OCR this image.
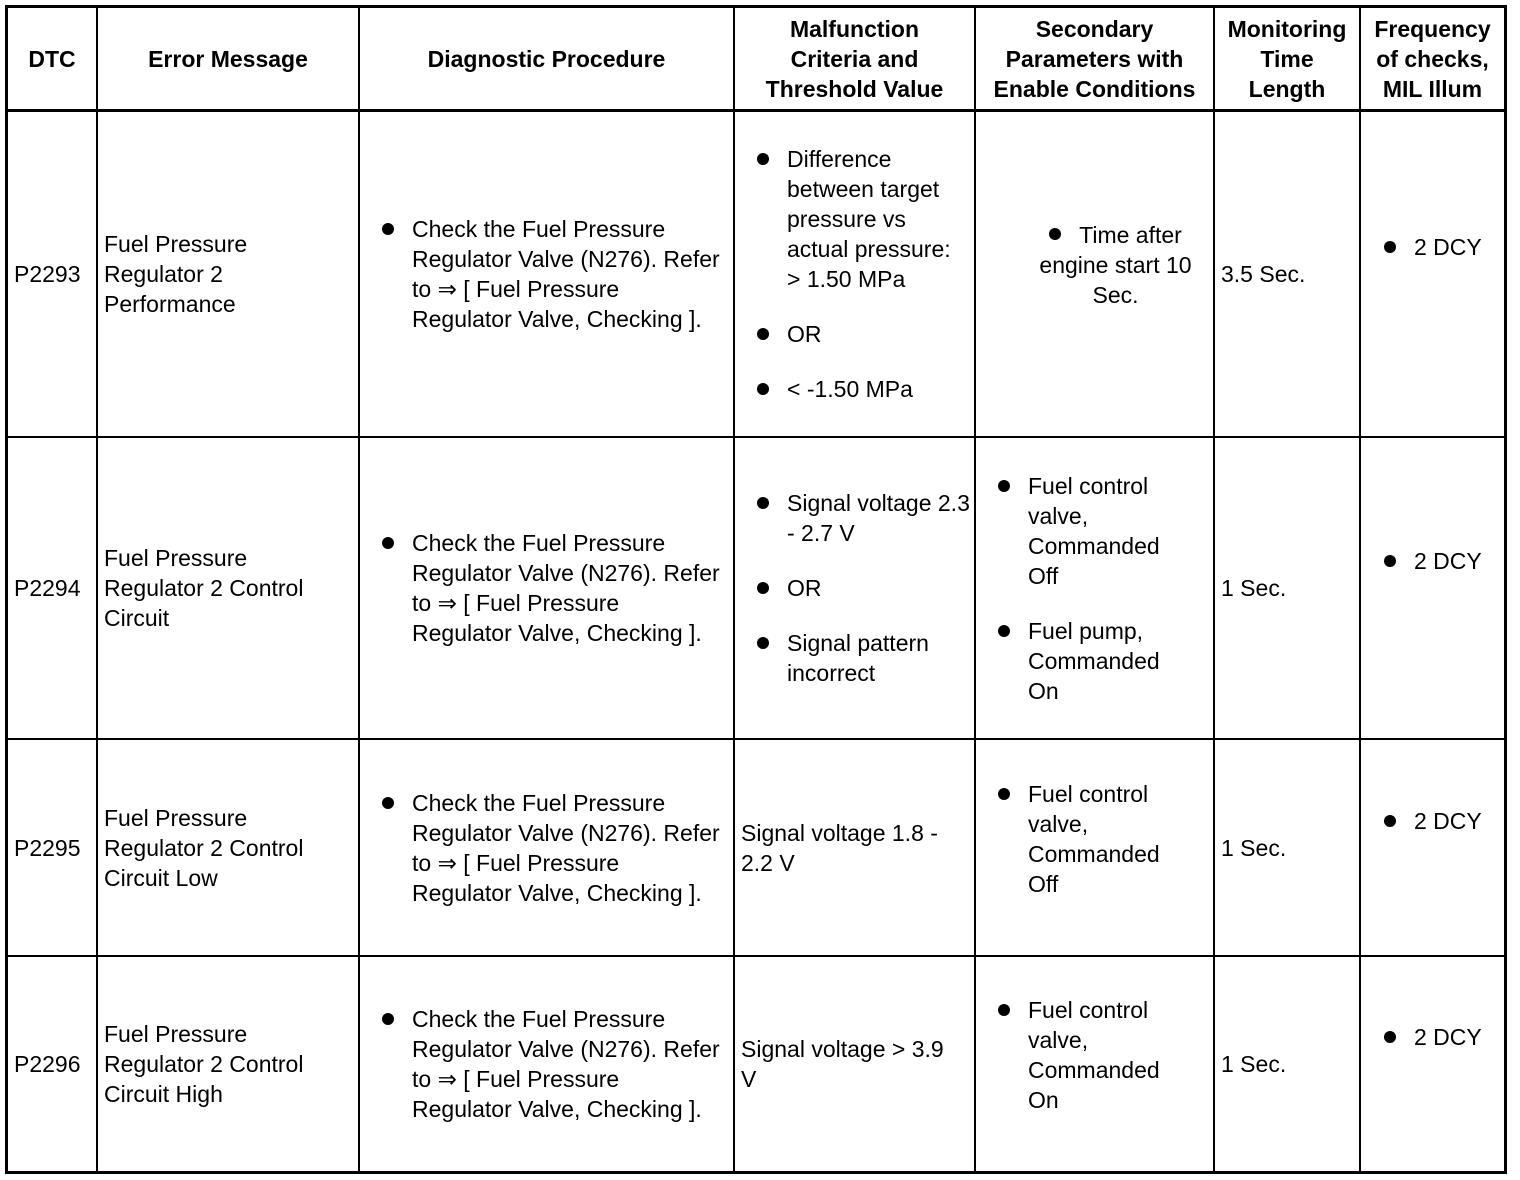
DTC	Error Message	Diagnostic Procedure
Malfunction Criteria and Threshold Value
Secondary Parameters with Enable Conditions
Monitoring Time Length
Frequency of checks, MIL Illum
P2293
Fuel Pressure Regulator 2 Performance
Check the Fuel Pressure Regulator Valve (N276). Refer to ⇒ [ Fuel Pressure Regulator Valve, Checking ].
Difference between target pressure vs actual pressure: > 1.50 MPa
OR
< -1.50 MPa
Time after engine start 10 Sec.
3.5 Sec.
2 DCY
P2294
Fuel Pressure Regulator 2 Control Circuit
Check the Fuel Pressure Regulator Valve (N276). Refer to ⇒ [ Fuel Pressure Regulator Valve, Checking ].
Signal voltage 2.3 - 2.7 V
OR
Signal pattern incorrect
Fuel control valve, Commanded Off
Fuel pump, Commanded On
1 Sec.
2 DCY
P2295
Fuel Pressure Regulator 2 Control Circuit Low
Check the Fuel Pressure Regulator Valve (N276). Refer to ⇒ [ Fuel Pressure Regulator Valve, Checking ].
Signal voltage 1.8 - 2.2 V
Fuel control valve, Commanded Off
1 Sec.
2 DCY
P2296
Fuel Pressure Regulator 2 Control Circuit High
Check the Fuel Pressure Regulator Valve (N276). Refer to ⇒ [ Fuel Pressure Regulator Valve, Checking ].
Signal voltage > 3.9 V
Fuel control valve, Commanded On
1 Sec.
2 DCY
